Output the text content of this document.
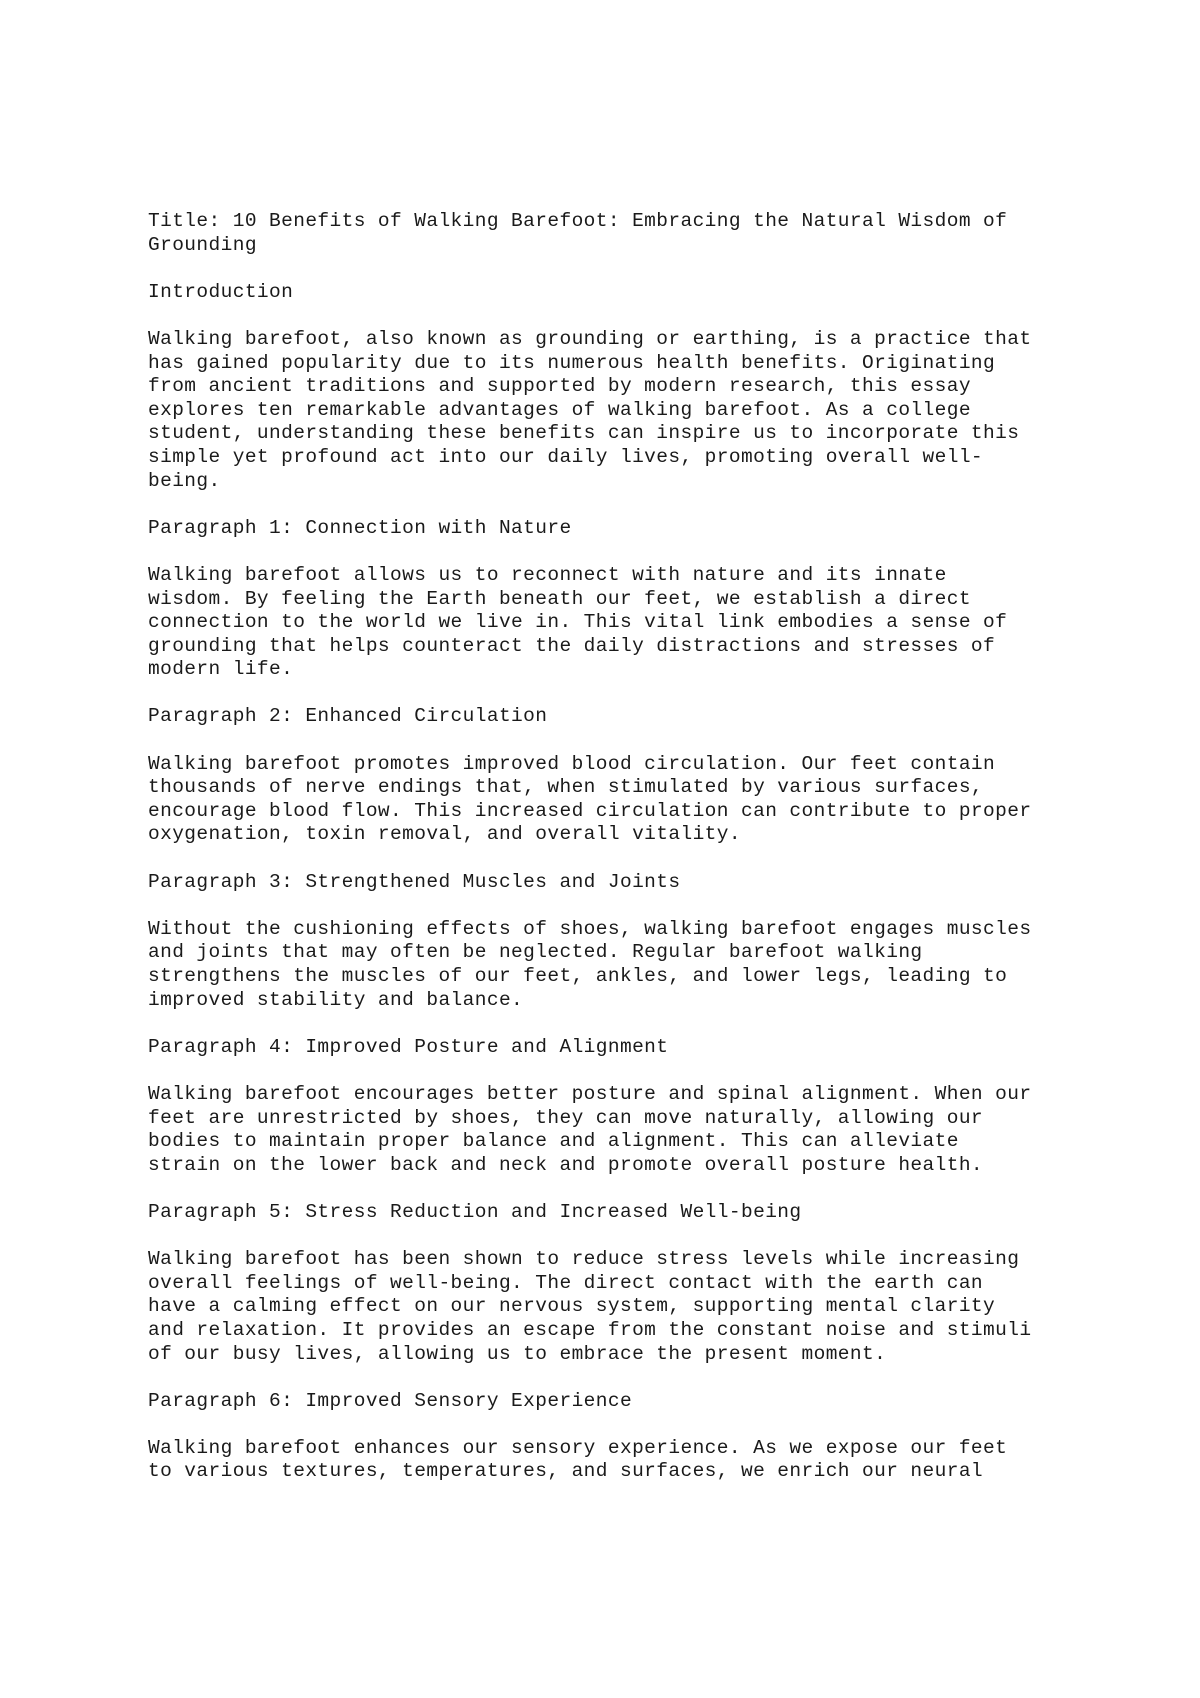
Title: 10 Benefits of Walking Barefoot: Embracing the Natural Wisdom of
Grounding
Introduction
Walking barefoot, also known as grounding or earthing, is a practice that
has gained popularity due to its numerous health benefits. Originating
from ancient traditions and supported by modern research, this essay
explores ten remarkable advantages of walking barefoot. As a college
student, understanding these benefits can inspire us to incorporate this
simple yet profound act into our daily lives, promoting overall well-
being.
Paragraph 1: Connection with Nature
Walking barefoot allows us to reconnect with nature and its innate
wisdom. By feeling the Earth beneath our feet, we establish a direct
connection to the world we live in. This vital link embodies a sense of
grounding that helps counteract the daily distractions and stresses of
modern life.
Paragraph 2: Enhanced Circulation
Walking barefoot promotes improved blood circulation. Our feet contain
thousands of nerve endings that, when stimulated by various surfaces,
encourage blood flow. This increased circulation can contribute to proper
oxygenation, toxin removal, and overall vitality.
Paragraph 3: Strengthened Muscles and Joints
Without the cushioning effects of shoes, walking barefoot engages muscles
and joints that may often be neglected. Regular barefoot walking
strengthens the muscles of our feet, ankles, and lower legs, leading to
improved stability and balance.
Paragraph 4: Improved Posture and Alignment
Walking barefoot encourages better posture and spinal alignment. When our
feet are unrestricted by shoes, they can move naturally, allowing our
bodies to maintain proper balance and alignment. This can alleviate
strain on the lower back and neck and promote overall posture health.
Paragraph 5: Stress Reduction and Increased Well-being
Walking barefoot has been shown to reduce stress levels while increasing
overall feelings of well-being. The direct contact with the earth can
have a calming effect on our nervous system, supporting mental clarity
and relaxation. It provides an escape from the constant noise and stimuli
of our busy lives, allowing us to embrace the present moment.
Paragraph 6: Improved Sensory Experience
Walking barefoot enhances our sensory experience. As we expose our feet
to various textures, temperatures, and surfaces, we enrich our neural
